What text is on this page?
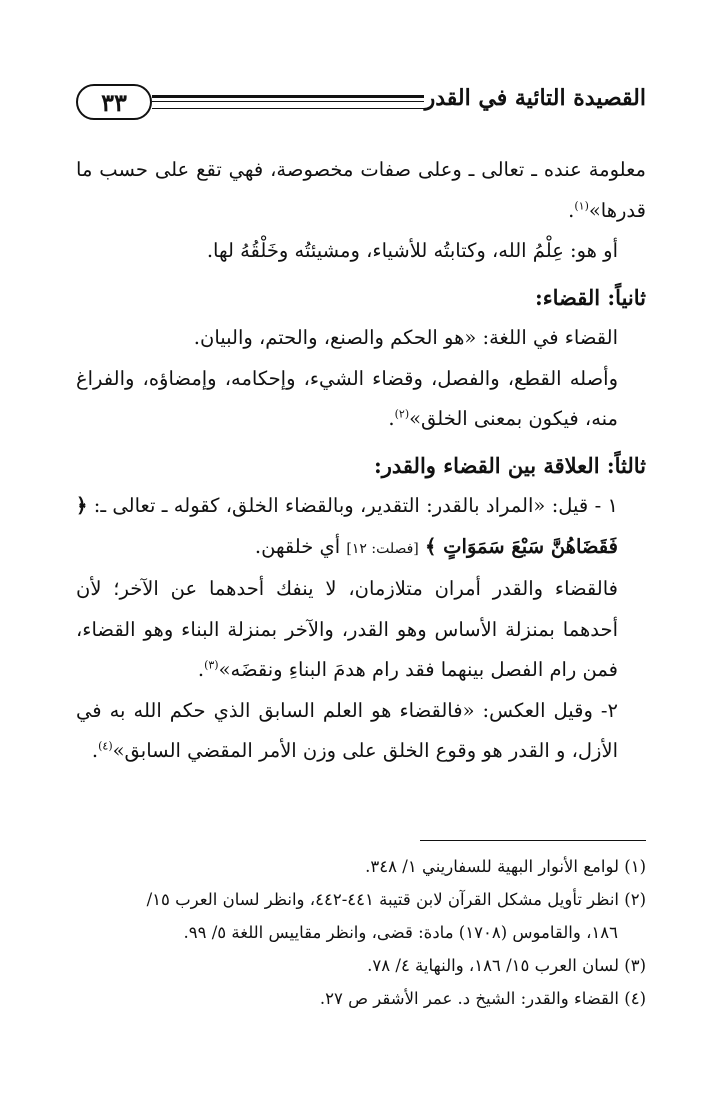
٣٣	القصيدة التائية في القدر

معلومة عنده ـ تعالى ـ وعلى صفات مخصوصة، فهي تقع على حسب ما قدرها»$^{(١)}$.

أو هو: عِلْمُ الله، وكتابتُه للأشياء، ومشيئتُه وخَلْقُهُ لها.

ثانياً: القضاء:

القضاء في اللغة: «هو الحكم والصنع، والحتم، والبيان.

وأصله القطع، والفصل، وقضاء الشيء، وإحكامه، وإمضاؤه، والفراغ منه، فيكون بمعنى الخلق»$^{(٢)}$.

ثالثاً: العلاقة بين القضاء والقدر:

١ - قيل: «المراد بالقدر: التقدير، وبالقضاء الخلق، كقوله ـ تعالى ـ: ﴿ فَقَضَاهُنَّ سَبْعَ سَمَوَاتٍ ﴾ [فصلت: ١٢] أي خلقهن.

فالقضاء والقدر أمران متلازمان، لا ينفك أحدهما عن الآخر؛ لأن أحدهما بمنزلة الأساس وهو القدر، والآخر بمنزلة البناء وهو القضاء، فمن رام الفصل بينهما فقد رام هدمَ البناءِ ونقضَه»$^{(٣)}$.

٢- وقيل العكس: «فالقضاء هو العلم السابق الذي حكم الله به في الأزل، و القدر هو وقوع الخلق على وزن الأمر المقضي السابق»$^{(٤)}$.

(١) لوامع الأنوار البهية للسفاريني ١/ ٣٤٨.

(٢) انظر تأويل مشكل القرآن لابن قتيبة ٤٤١-٤٤٢، وانظر لسان العرب ١٥/

١٨٦، والقاموس (١٧٠٨) مادة: قضى، وانظر مقاييس اللغة ٥/ ٩٩.

(٣) لسان العرب ١٥/ ١٨٦، والنهاية ٤/ ٧٨.

(٤) القضاء والقدر: الشيخ د. عمر الأشقر ص ٢٧.
